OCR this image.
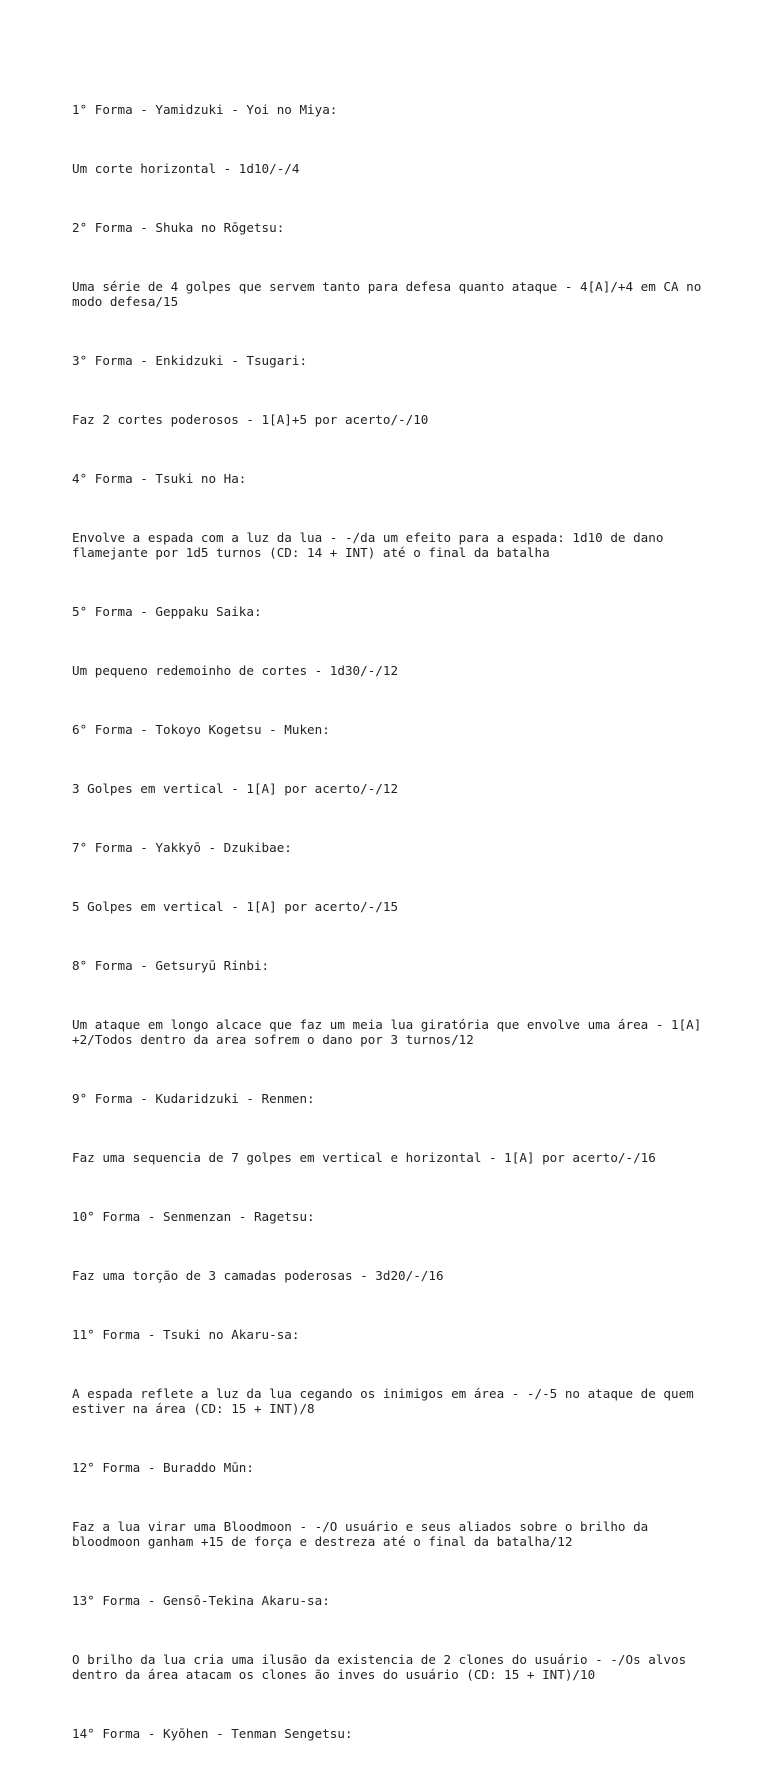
1° Forma - Yamidzuki - Yoi no Miya:

Um corte horizontal - 1d10/-/4

2° Forma - Shuka no Rōgetsu:

Uma série de 4 golpes que servem tanto para defesa quanto ataque - 4[A]/+4 em CA no
modo defesa/15

3° Forma - Enkidzuki - Tsugari:

Faz 2 cortes poderosos - 1[A]+5 por acerto/-/10

4° Forma - Tsuki no Ha:

Envolve a espada com a luz da lua - -/da um efeito para a espada: 1d10 de dano
flamejante por 1d5 turnos (CD: 14 + INT) até o final da batalha

5° Forma - Geppaku Saika:

Um pequeno redemoinho de cortes - 1d30/-/12

6° Forma - Tokoyo Kogetsu - Muken:

3 Golpes em vertical - 1[A] por acerto/-/12

7° Forma - Yakkyō - Dzukibae:

5 Golpes em vertical - 1[A] por acerto/-/15

8° Forma - Getsuryū Rinbi:

Um ataque em longo alcace que faz um meia lua giratória que envolve uma área - 1[A]
+2/Todos dentro da area sofrem o dano por 3 turnos/12

9° Forma - Kudaridzuki - Renmen:

Faz uma sequencia de 7 golpes em vertical e horizontal - 1[A] por acerto/-/16

10° Forma - Senmenzan - Ragetsu:

Faz uma torção de 3 camadas poderosas - 3d20/-/16

11° Forma - Tsuki no Akaru-sa:

A espada reflete a luz da lua cegando os inimigos em área - -/-5 no ataque de quem
estiver na área (CD: 15 + INT)/8

12° Forma - Buraddo Mūn:

Faz a lua virar uma Bloodmoon - -/O usuário e seus aliados sobre o brilho da
bloodmoon ganham +15 de força e destreza até o final da batalha/12

13° Forma - Gensō-Tekina Akaru-sa:

O brilho da lua cria uma ilusão da existencia de 2 clones do usuário - -/Os alvos
dentro da área atacam os clones ão inves do usuário (CD: 15 + INT)/10

14° Forma - Kyōhen - Tenman Sengetsu:
